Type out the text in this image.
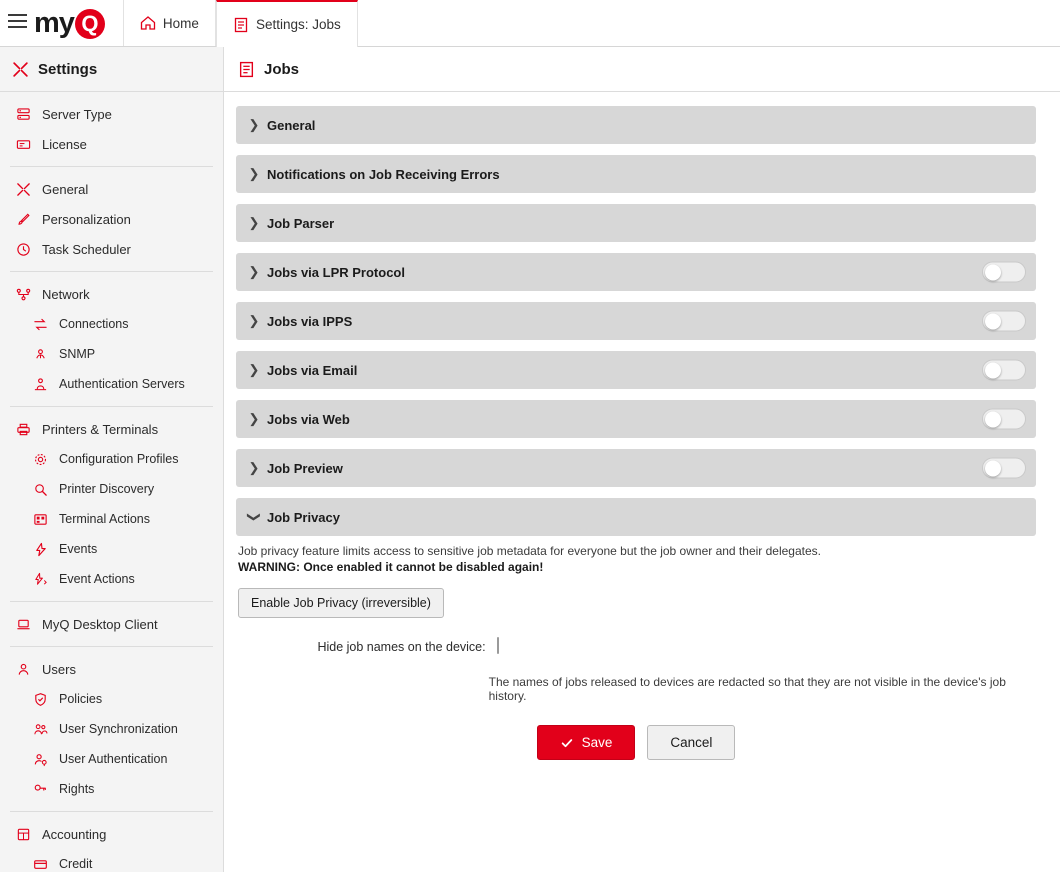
my Q	Home	Settings: Jobs
Settings
Server Type
License
General
Personalization
Task Scheduler
Network
Connections
SNMP
Authentication Servers
Printers & Terminals
Configuration Profiles
Printer Discovery
Terminal Actions
Events
Event Actions
MyQ Desktop Client
Users
Policies
User Synchronization
User Authentication
Rights
Accounting
Credit
Jobs
❯ General
❯ Notifications on Job Receiving Errors
❯ Job Parser
❯ Jobs via LPR Protocol
❯ Jobs via IPPS
❯ Jobs via Email
❯ Jobs via Web
❯ Job Preview
❯ Job Privacy

Job privacy feature limits access to sensitive job metadata for everyone but the job owner and their delegates.

WARNING: Once enabled it cannot be disabled again!

Enable Job Privacy (irreversible)
Hide job names on the device:
The names of jobs released to devices are redacted so that they are not visible in the device's job history.
Save	Cancel
